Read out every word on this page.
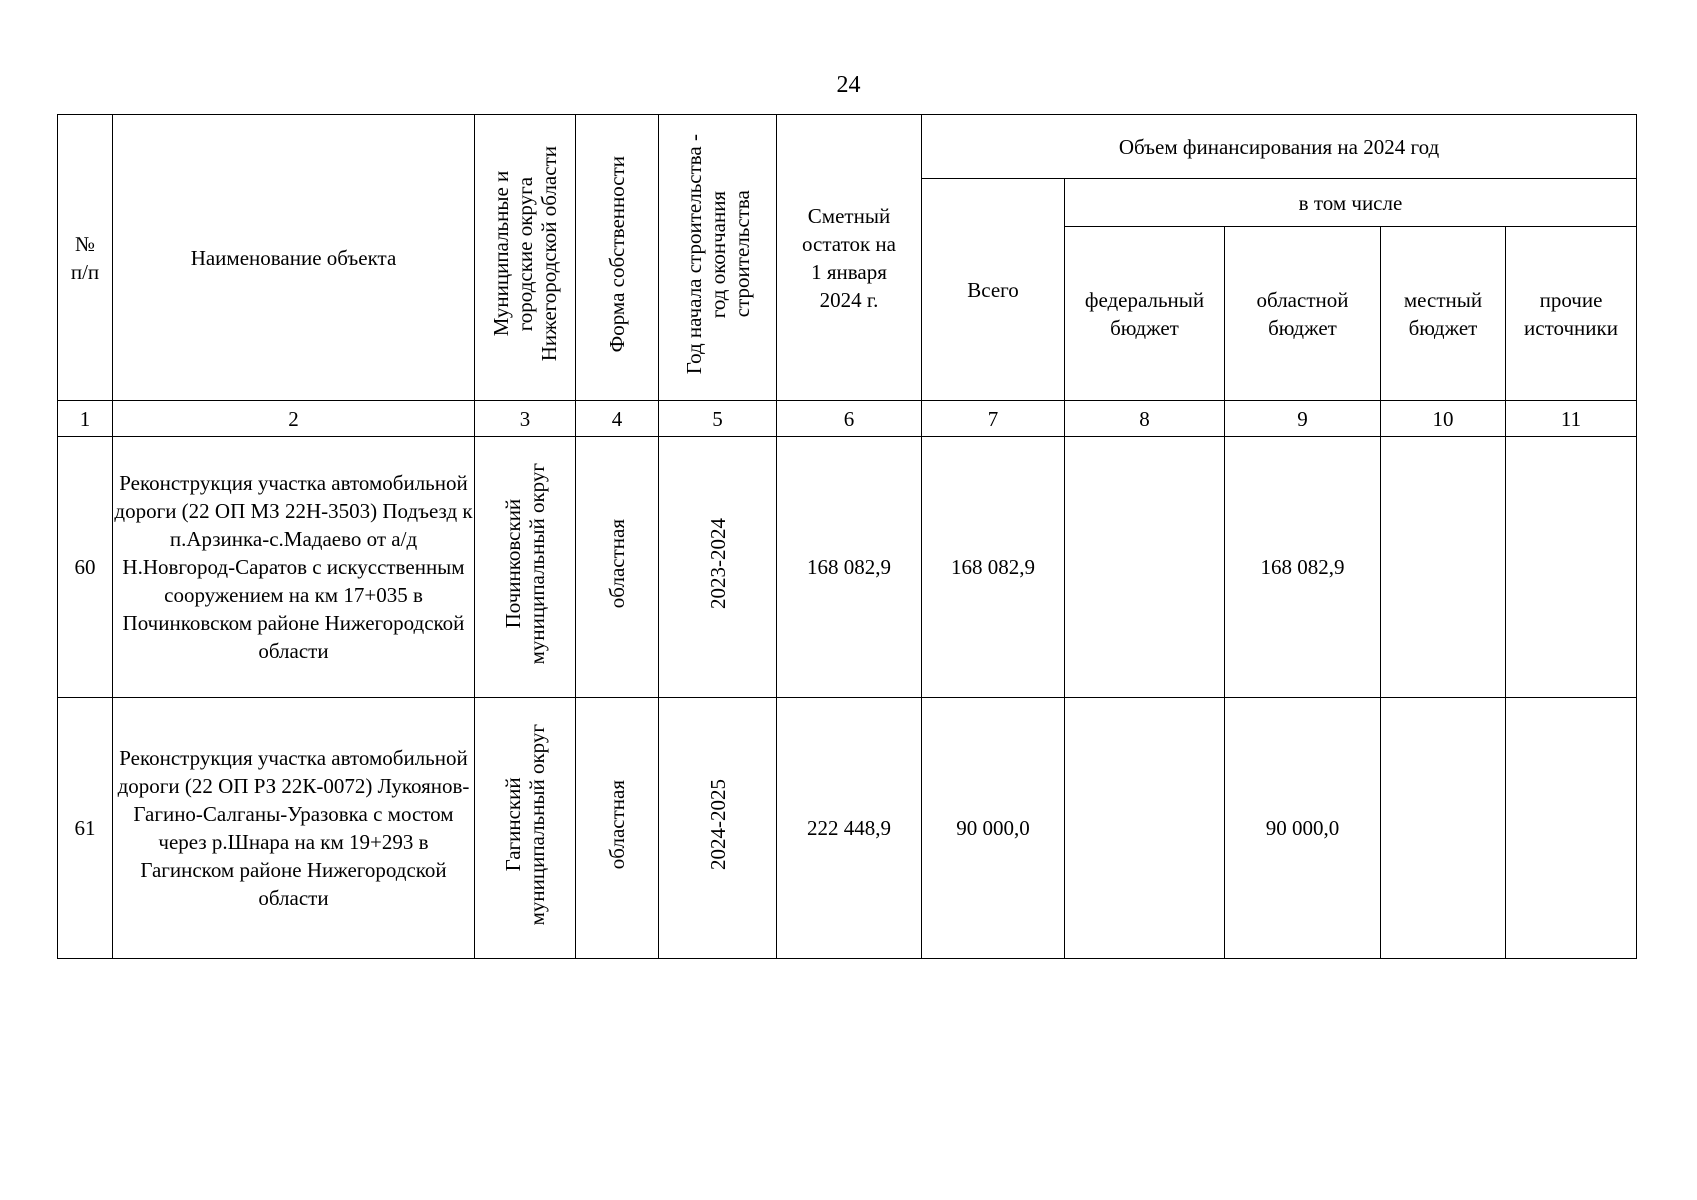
24
№
п/п	Наименование объекта	Муниципальные и
городские округа
Нижегородской области	Форма собственности	Год начала строительства -
год окончания
строительства	Сметный
остаток на
1 января
2024 г.	Объем финансирования на 2024 год				
						Всего	в том числе			
							федеральный
бюджет	областной
бюджет	местный
бюджет	прочие
источники
1	2	3	4	5	6	7	8	9	10	11
60	Реконструкция участка автомобильной дороги (22 ОП МЗ 22Н-3503) Подъезд к п.Арзинка-с.Мадаево от а/д Н.Новгород-Саратов с искусственным сооружением на км 17+035 в Починковском районе Нижегородской области	Починковский
муниципальный округ	областная	2023-2024	168 082,9	168 082,9		168 082,9		
61	Реконструкция участка автомобильной дороги (22 ОП РЗ 22К-0072) Лукоянов-Гагино-Салганы-Уразовка с мостом через р.Шнара на км 19+293 в Гагинском районе Нижегородской области	Гагинский
муниципальный округ	областная	2024-2025	222 448,9	90 000,0		90 000,0		
